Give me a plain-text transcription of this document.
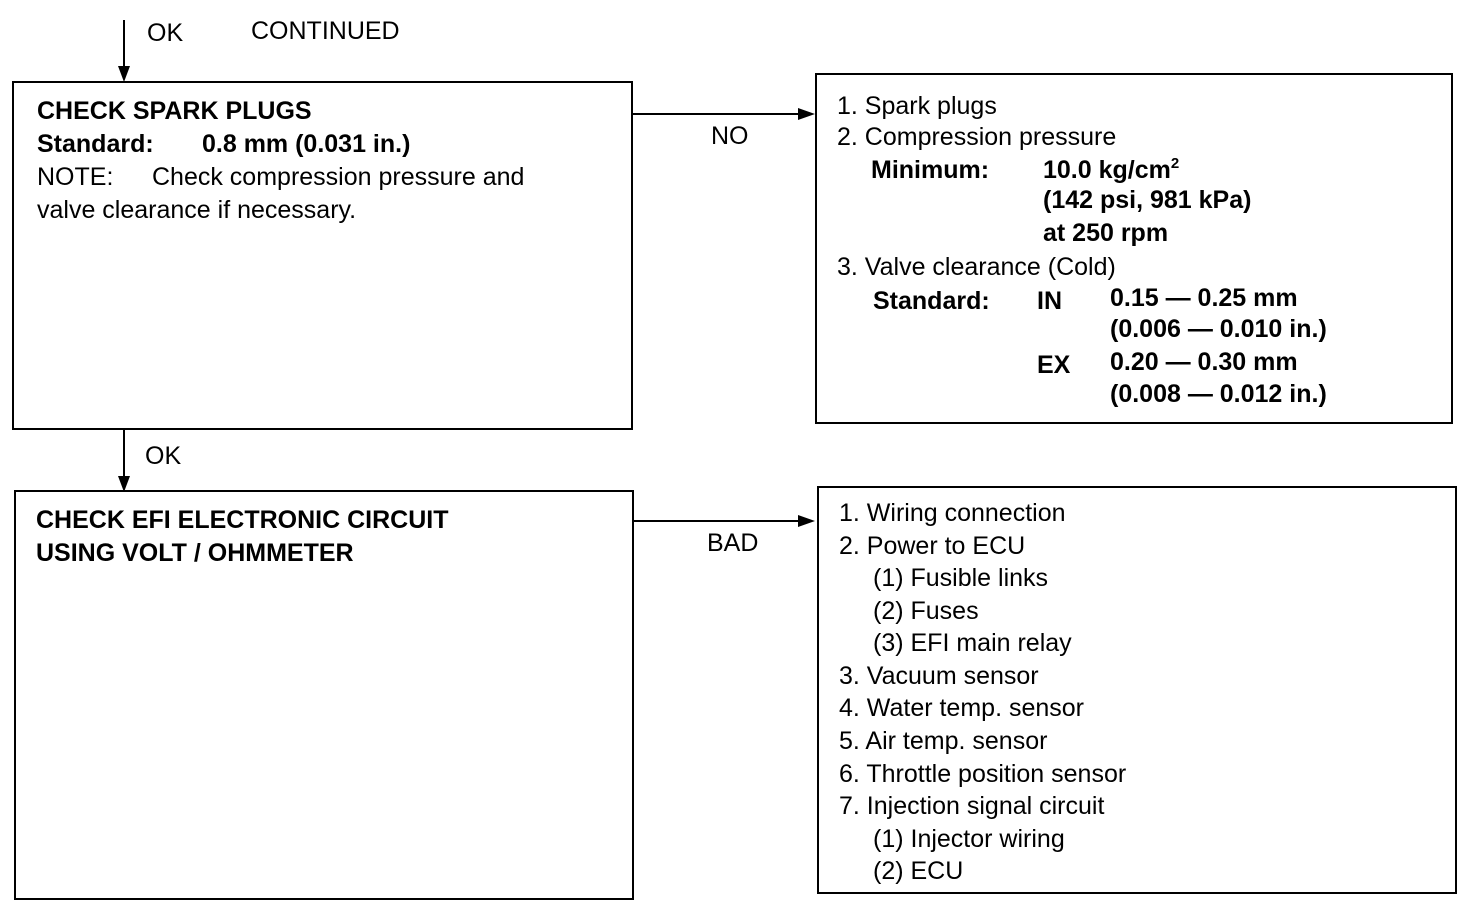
OK	CONTINUED
CHECK SPARK PLUGS
Standard: 0.8 mm (0.031 in.)
NOTE: Check compression pressure and
valve clearance if necessary.
NO
1. Spark plugs
2. Compression pressure
Minimum: 10.0 $kg/cm^2$
(142 psi, 981 kPa)
at 250 rpm
3. Valve clearance (Cold)
Standard: IN 0.15 — 0.25 mm
(0.006 — 0.010 in.)
EX 0.20 — 0.30 mm
(0.008 — 0.012 in.)
OK
CHECK EFI ELECTRONIC CIRCUIT
USING VOLT / OHMMETER	BAD
1. Wiring connection
2. Power to ECU
(1) Fusible links
(2) Fuses
(3) EFI main relay
3. Vacuum sensor
4. Water temp. sensor
5. Air temp. sensor
6. Throttle position sensor
7. Injection signal circuit
(1) Injector wiring
(2) ECU
